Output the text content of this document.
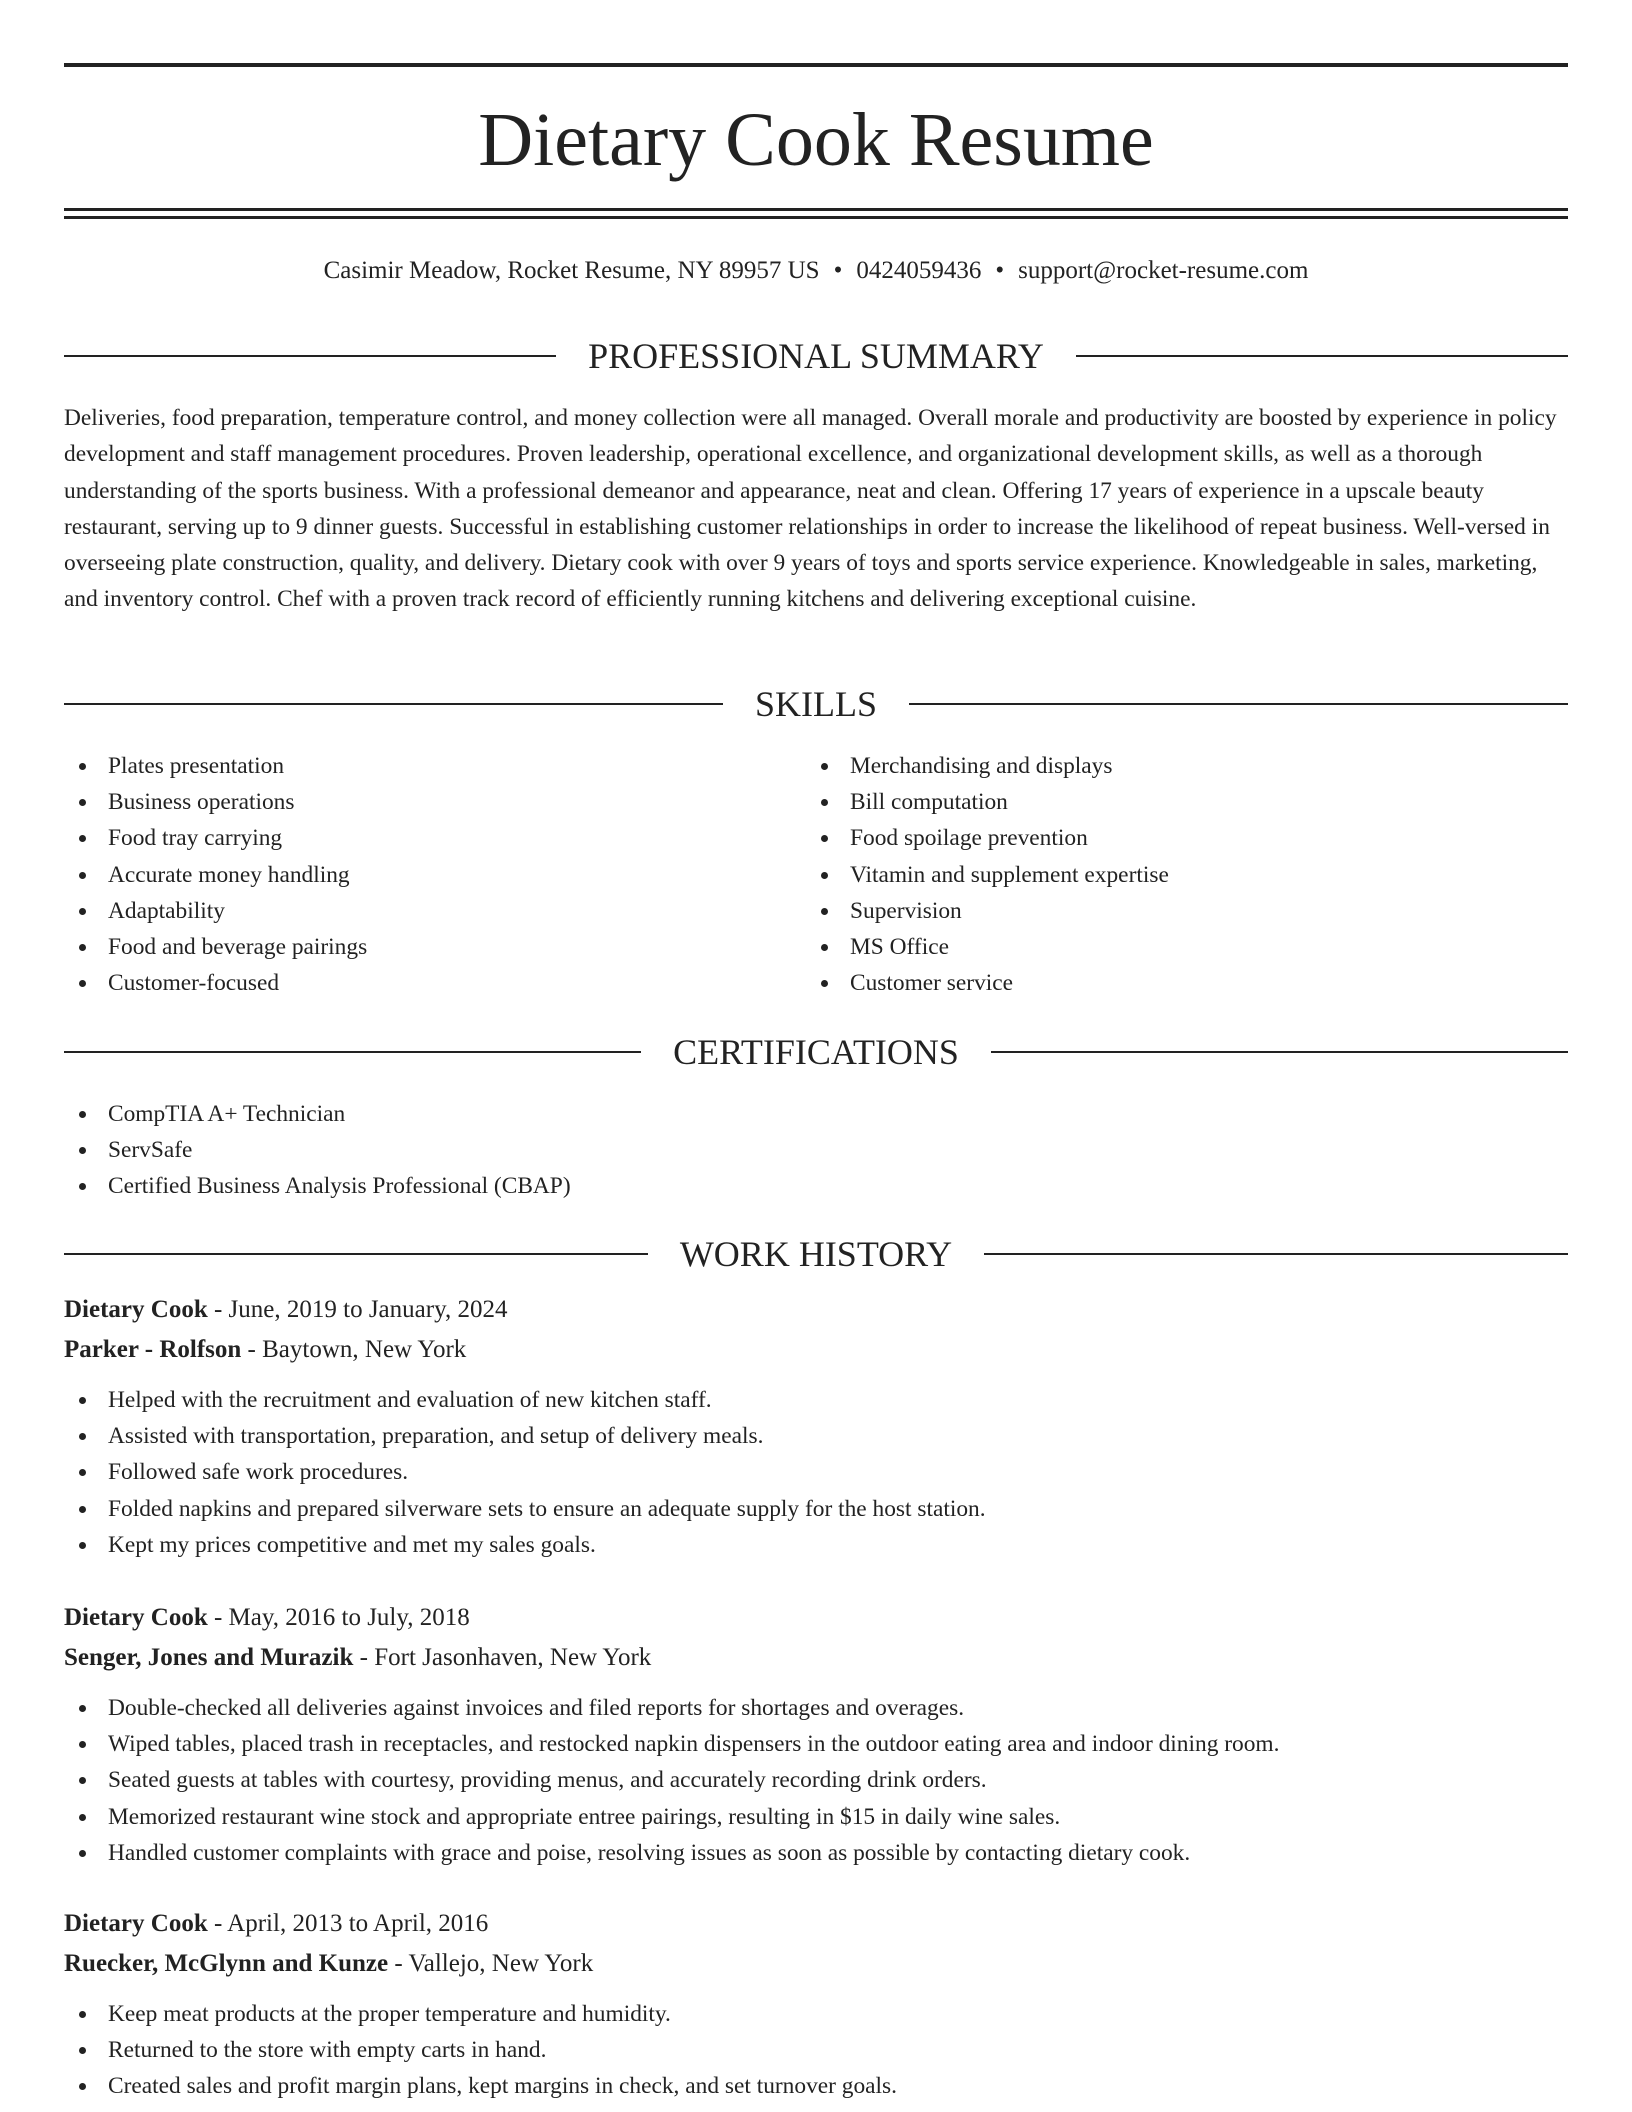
Dietary Cook Resume
Casimir Meadow, Rocket Resume, NY 89957 US • 0424059436 • support@rocket-resume.com
PROFESSIONAL SUMMARY

Deliveries, food preparation, temperature control, and money collection were all managed. Overall morale and productivity are boosted by experience in policy development and staff management procedures. Proven leadership, operational excellence, and organizational development skills, as well as a thorough understanding of the sports business. With a professional demeanor and appearance, neat and clean. Offering 17 years of experience in a upscale beauty restaurant, serving up to 9 dinner guests. Successful in establishing customer relationships in order to increase the likelihood of repeat business. Well-versed in overseeing plate construction, quality, and delivery. Dietary cook with over 9 years of toys and sports service experience. Knowledgeable in sales, marketing, and inventory control. Chef with a proven track record of efficiently running kitchens and delivering exceptional cuisine.

SKILLS
Plates presentation
Business operations
Food tray carrying
Accurate money handling
Adaptability
Food and beverage pairings
Customer-focused
Merchandising and displays
Bill computation
Food spoilage prevention
Vitamin and supplement expertise
Supervision
MS Office
Customer service
CERTIFICATIONS
CompTIA A+ Technician
ServSafe
Certified Business Analysis Professional (CBAP)
WORK HISTORY
Dietary Cook - June, 2019 to January, 2024
Parker - Rolfson - Baytown, New York
Helped with the recruitment and evaluation of new kitchen staff.
Assisted with transportation, preparation, and setup of delivery meals.
Followed safe work procedures.
Folded napkins and prepared silverware sets to ensure an adequate supply for the host station.
Kept my prices competitive and met my sales goals.
Dietary Cook - May, 2016 to July, 2018
Senger, Jones and Murazik - Fort Jasonhaven, New York
Double-checked all deliveries against invoices and filed reports for shortages and overages.
Wiped tables, placed trash in receptacles, and restocked napkin dispensers in the outdoor eating area and indoor dining room.
Seated guests at tables with courtesy, providing menus, and accurately recording drink orders.
Memorized restaurant wine stock and appropriate entree pairings, resulting in $15 in daily wine sales.
Handled customer complaints with grace and poise, resolving issues as soon as possible by contacting dietary cook.
Dietary Cook - April, 2013 to April, 2016
Ruecker, McGlynn and Kunze - Vallejo, New York
Keep meat products at the proper temperature and humidity.
Returned to the store with empty carts in hand.
Created sales and profit margin plans, kept margins in check, and set turnover goals.
